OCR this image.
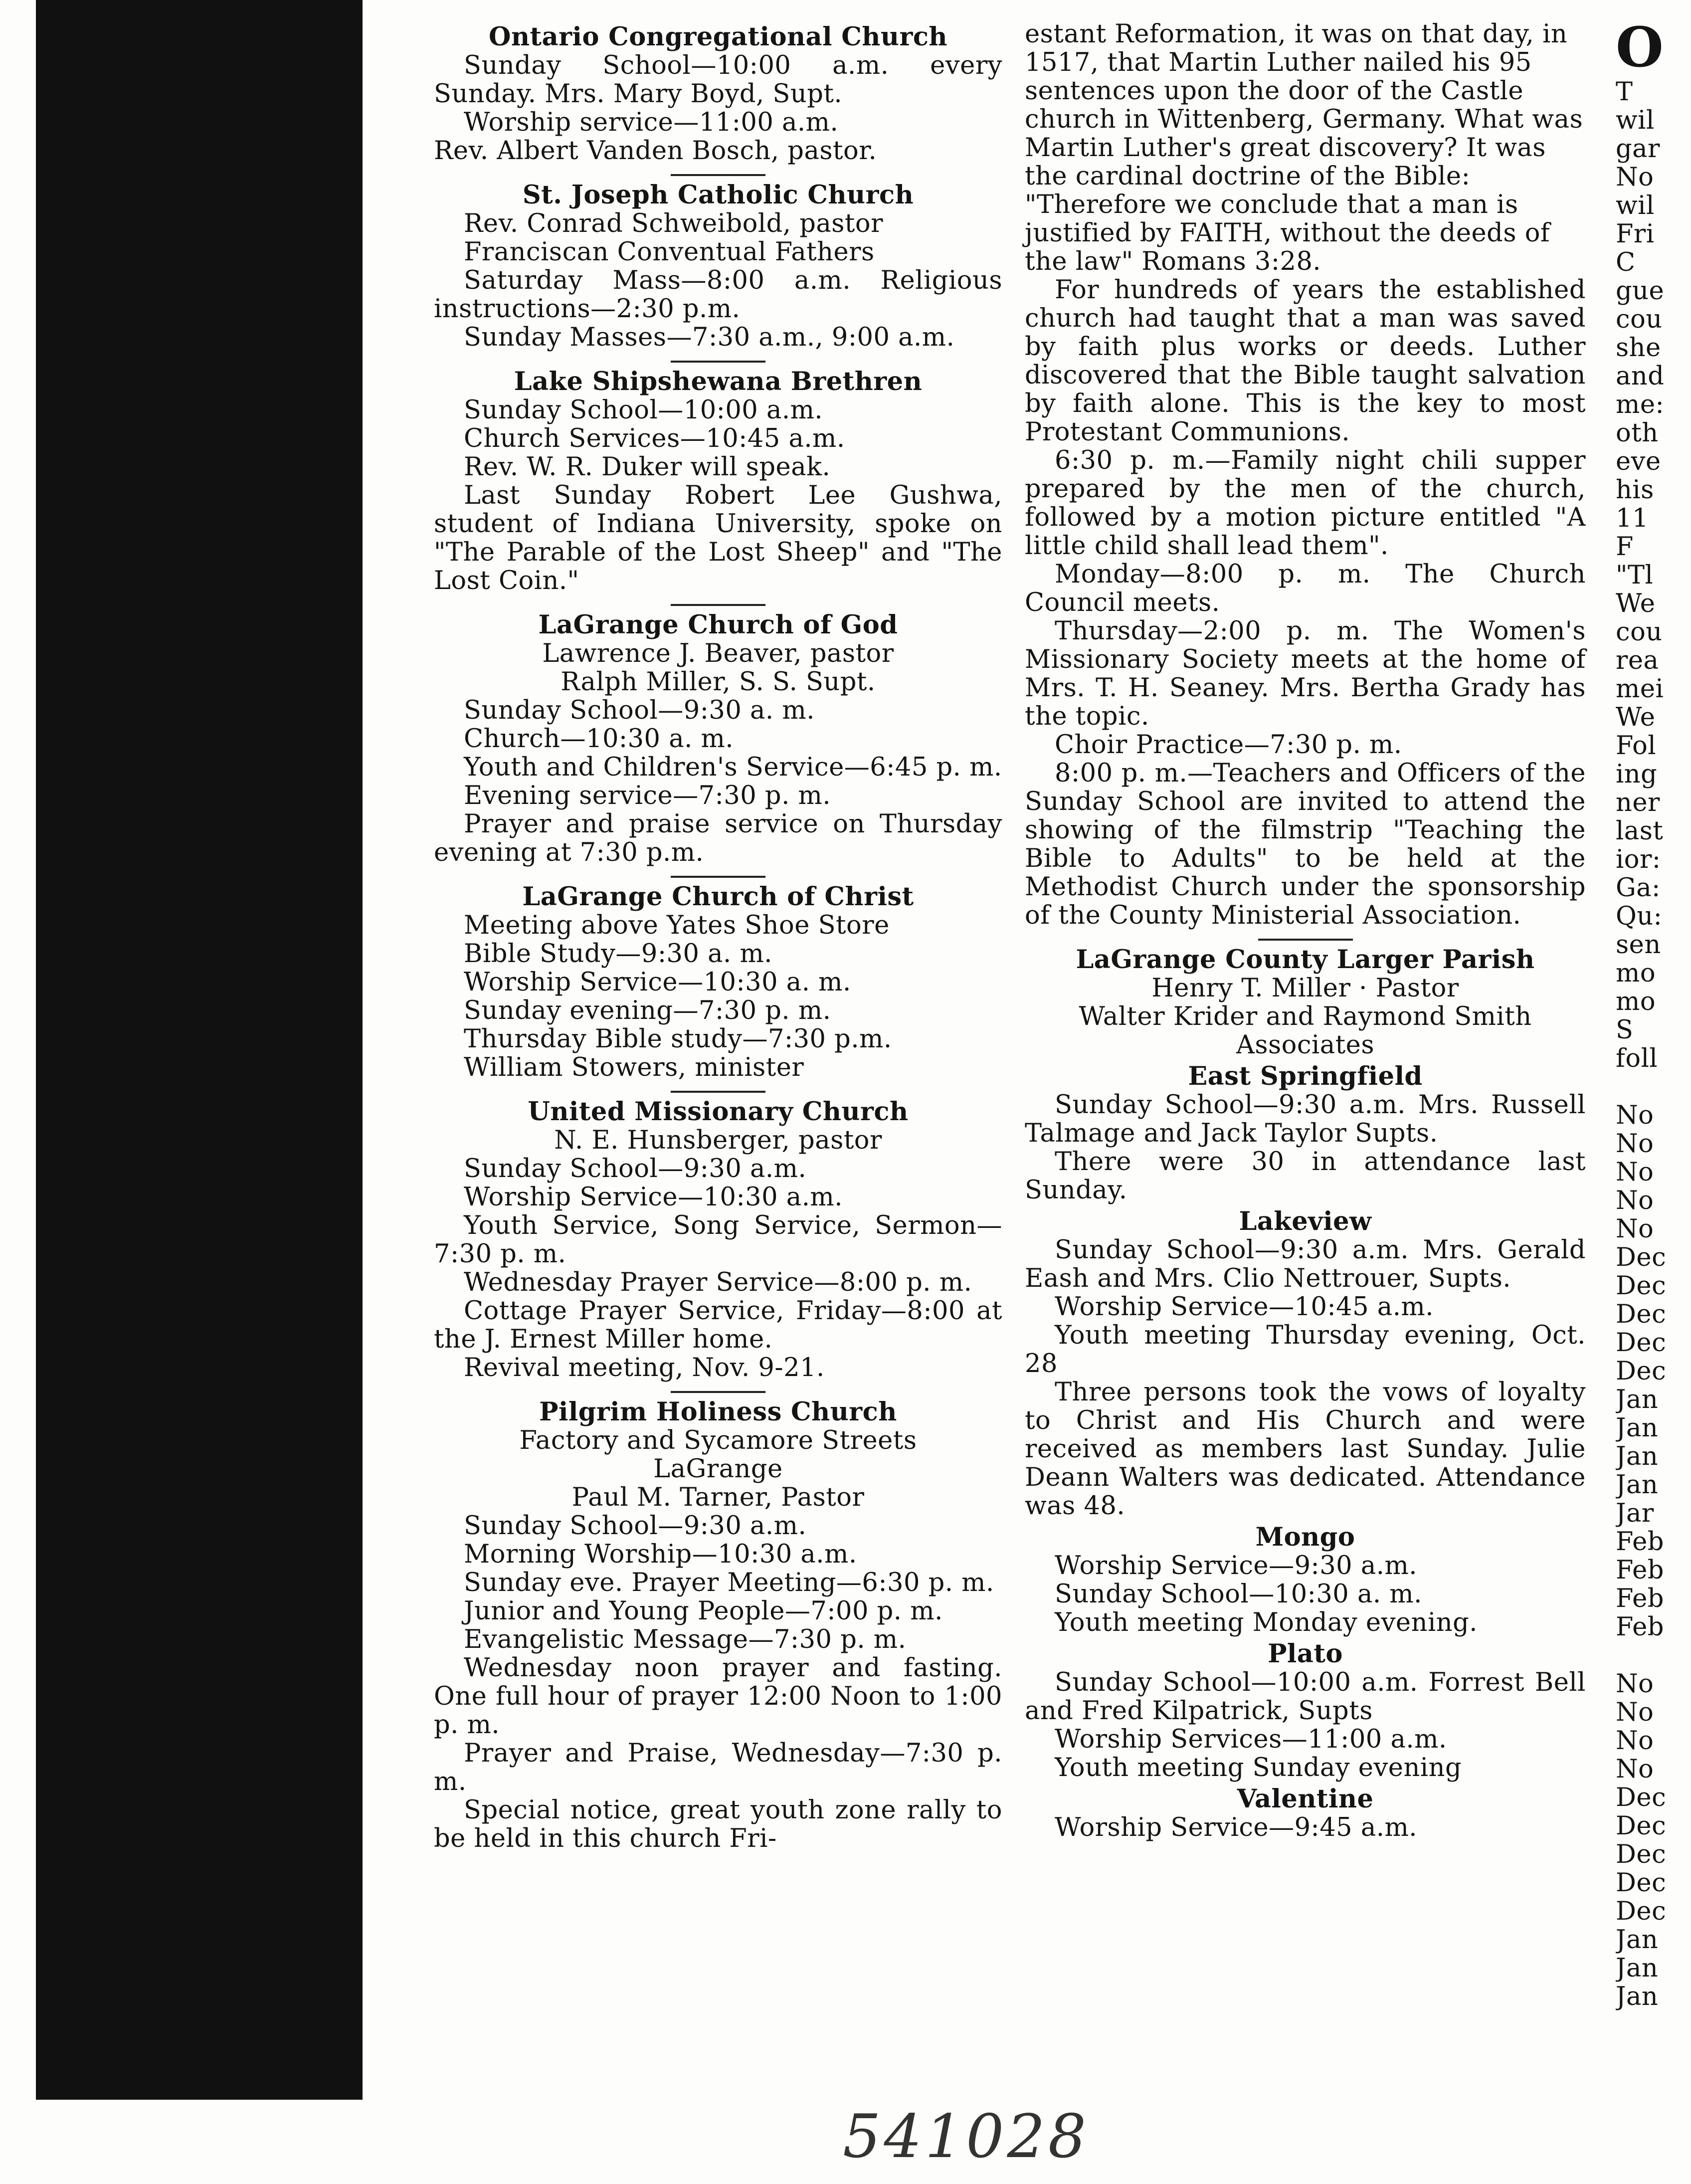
Ontario Congregational Church
Sunday School—10:00 a.m. every Sunday. Mrs. Mary Boyd, Supt.
Worship service—11:00 a.m.
Rev. Albert Vanden Bosch, pastor.
St. Joseph Catholic Church
Rev. Conrad Schweibold, pastor
Franciscan Conventual Fathers
Saturday Mass—8:00 a.m. Religious instructions—2:30 p.m.
Sunday Masses—7:30 a.m., 9:00 a.m.
Lake Shipshewana Brethren
Sunday School—10:00 a.m.
Church Services—10:45 a.m.
Rev. W. R. Duker will speak.
Last Sunday Robert Lee Gushwa, student of Indiana University, spoke on "The Parable of the Lost Sheep" and "The Lost Coin."
LaGrange Church of God
Lawrence J. Beaver, pastor
Ralph Miller, S. S. Supt.
Sunday School—9:30 a. m.
Church—10:30 a. m.
Youth and Children's Service—6:45 p. m.
Evening service—7:30 p. m.
Prayer and praise service on Thursday evening at 7:30 p.m.
LaGrange Church of Christ
Meeting above Yates Shoe Store
Bible Study—9:30 a. m.
Worship Service—10:30 a. m.
Sunday evening—7:30 p. m.
Thursday Bible study—7:30 p.m.
William Stowers, minister
United Missionary Church
N. E. Hunsberger, pastor
Sunday School—9:30 a.m.
Worship Service—10:30 a.m.
Youth Service, Song Service, Sermon—7:30 p. m.
Wednesday Prayer Service—8:00 p. m.
Cottage Prayer Service, Friday—8:00 at the J. Ernest Miller home.
Revival meeting, Nov. 9-21.
Pilgrim Holiness Church
Factory and Sycamore Streets
LaGrange
Paul M. Tarner, Pastor
Sunday School—9:30 a.m.
Morning Worship—10:30 a.m.
Sunday eve. Prayer Meeting—6:30 p. m.
Junior and Young People—7:00 p. m.
Evangelistic Message—7:30 p. m.
Wednesday noon prayer and fasting. One full hour of prayer 12:00 Noon to 1:00 p. m.
Prayer and Praise, Wednesday—7:30 p. m.
Special notice, great youth zone rally to be held in this church Fri-
estant Reformation, it was on that day, in 1517, that Martin Luther nailed his 95 sentences upon the door of the Castle church in Wittenberg, Germany. What was Martin Luther's great discovery? It was the cardinal doctrine of the Bible: "Therefore we conclude that a man is justified by FAITH, without the deeds of the law" Romans 3:28.
For hundreds of years the established church had taught that a man was saved by faith plus works or deeds. Luther discovered that the Bible taught salvation by faith alone. This is the key to most Protestant Communions.
6:30 p. m.—Family night chili supper prepared by the men of the church, followed by a motion picture entitled "A little child shall lead them".
Monday—8:00 p. m. The Church Council meets.
Thursday—2:00 p. m. The Women's Missionary Society meets at the home of Mrs. T. H. Seaney. Mrs. Bertha Grady has the topic.
Choir Practice—7:30 p. m.
8:00 p. m.—Teachers and Officers of the Sunday School are invited to attend the showing of the filmstrip "Teaching the Bible to Adults" to be held at the Methodist Church under the sponsorship of the County Ministerial Association.
LaGrange County Larger Parish
Henry T. Miller · Pastor
Walter Krider and Raymond Smith
Associates
East Springfield
Sunday School—9:30 a.m. Mrs. Russell Talmage and Jack Taylor Supts.
There were 30 in attendance last Sunday.
Lakeview
Sunday School—9:30 a.m. Mrs. Gerald Eash and Mrs. Clio Nettrouer, Supts.
Worship Service—10:45 a.m.
Youth meeting Thursday evening, Oct. 28
Three persons took the vows of loyalty to Christ and His Church and were received as members last Sunday. Julie Deann Walters was dedicated. Attendance was 48.
Mongo
Worship Service—9:30 a.m.
Sunday School—10:30 a. m.
Youth meeting Monday evening.
Plato
Sunday School—10:00 a.m. Forrest Bell and Fred Kilpatrick, Supts
Worship Services—11:00 a.m.
Youth meeting Sunday evening
Valentine
Worship Service—9:45 a.m.
O
T
wil
gar
No
wil
Fri
C
gue
cou
she
and
me:
oth
eve
his
11
F
"Tl
We
cou
rea
mei
We
Fol
ing
ner
last
ior:
Ga:
Qu:
sen
mo
mo
S
foll
No
No
No
No
No
Dec
Dec
Dec
Dec
Dec
Jan
Jan
Jan
Jan
Jar
Feb
Feb
Feb
Feb
No
No
No
No
Dec
Dec
Dec
Dec
Dec
Jan
Jan
Jan
541028
